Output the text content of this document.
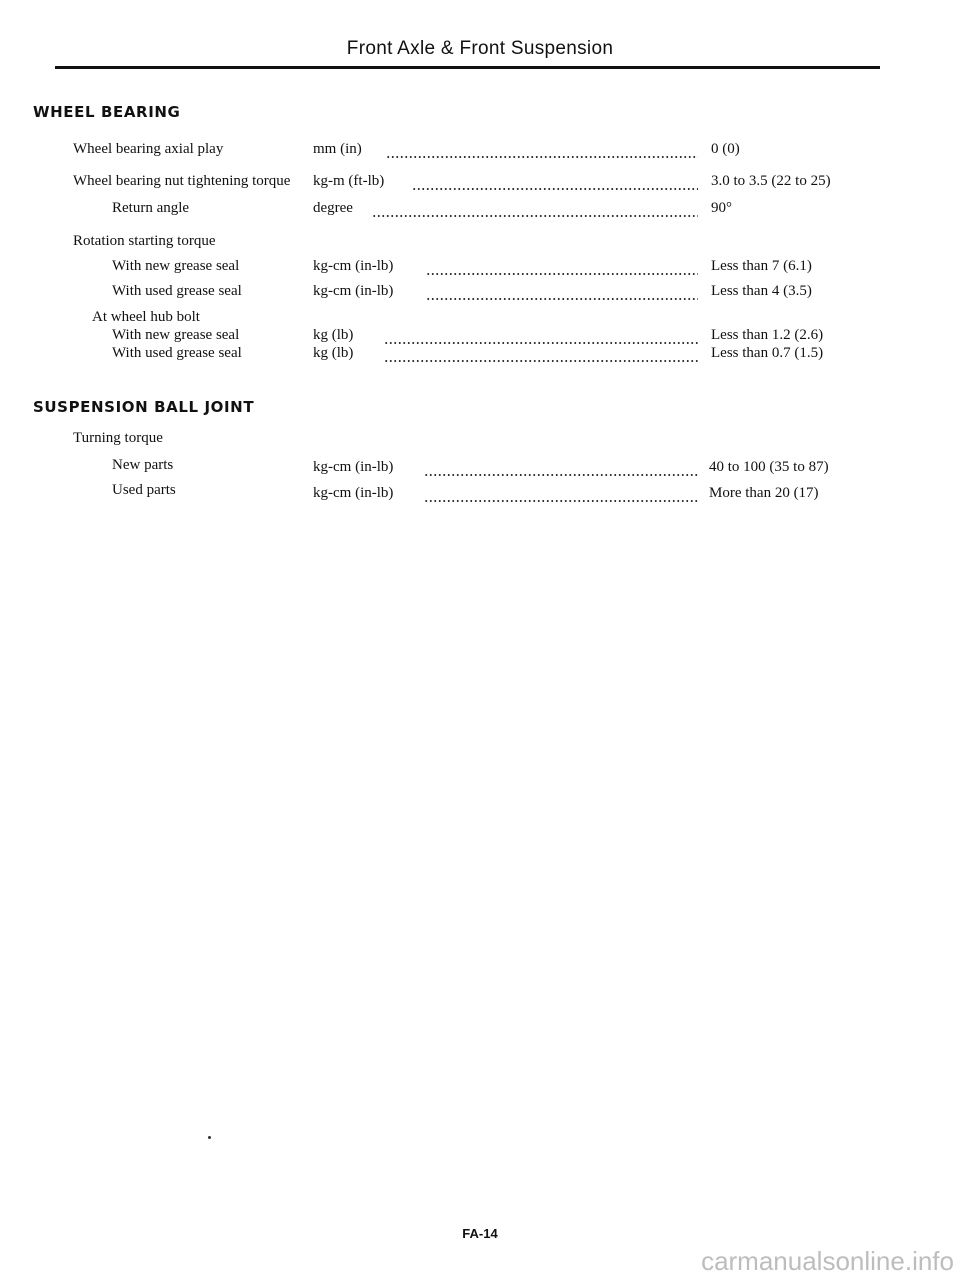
Front Axle & Front Suspension
WHEEL BEARING
Wheel bearing axial play	mm (in)	0 (0)
Wheel bearing nut tightening torque kg-m (ft-lb)	3.0 to 3.5 (22 to 25)
Return angle	degree	90°
Rotation starting torque
With new grease seal	kg-cm (in-lb)	Less than 7 (6.1)
With used grease seal	kg-cm (in-lb)	Less than 4 (3.5)
At wheel hub bolt
With new grease seal	kg (lb)	Less than 1.2 (2.6)
With used grease seal	kg (lb)	Less than 0.7 (1.5)
SUSPENSION BALL JOINT
Turning torque
New parts	kg-cm (in-lb)	40 to 100 (35 to 87)
Used parts	kg-cm (in-lb)	More than 20 (17)
FA-14
carmanualsonline.info
